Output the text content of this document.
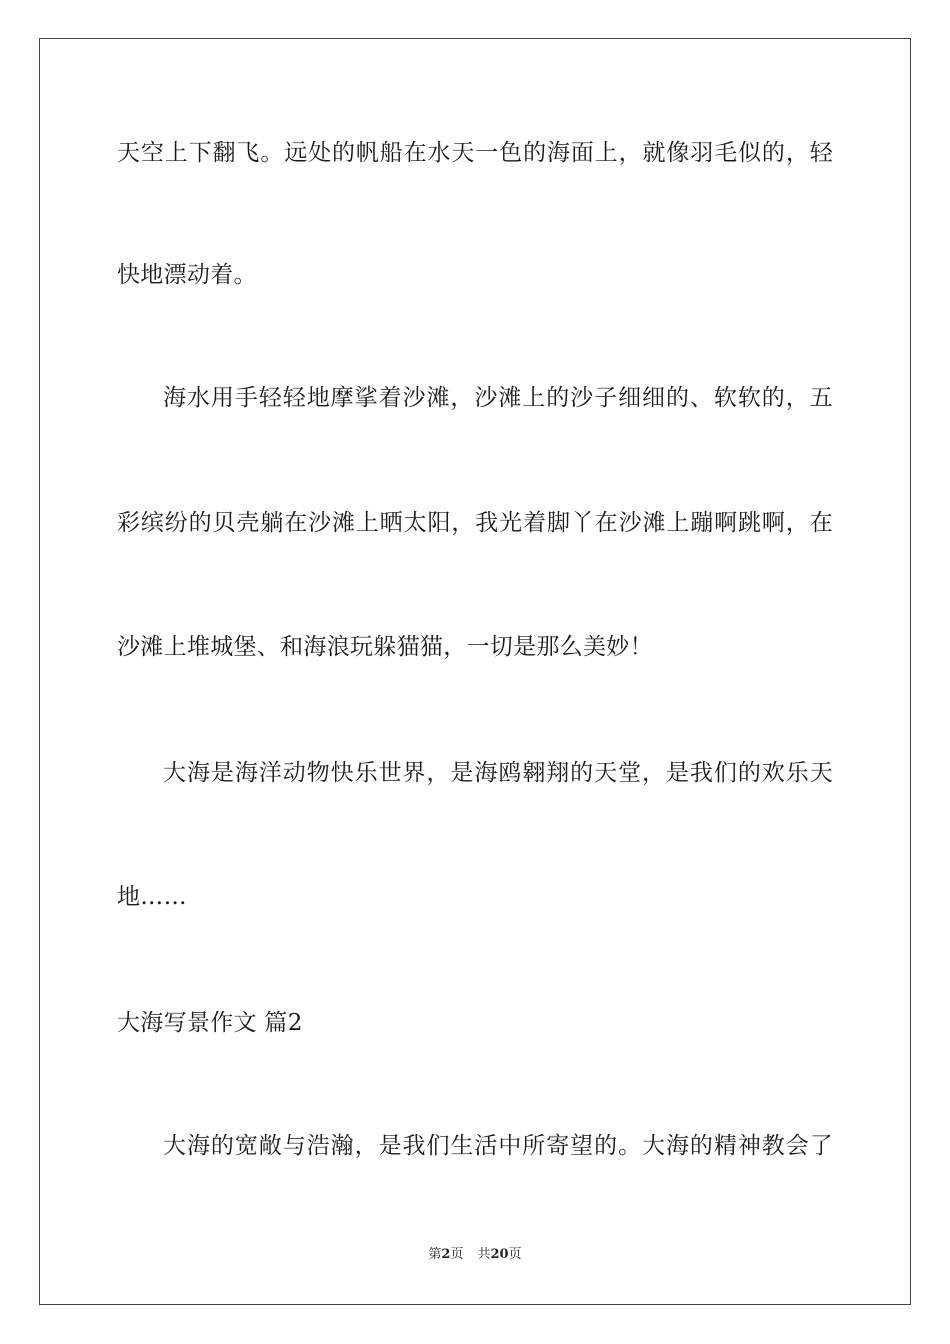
天空上下翻飞。远处的帆船在水天一色的海面上，就像羽毛似的，轻
快地漂动着。
海水用手轻轻地摩挲着沙滩，沙滩上的沙子细细的、软软的，五
彩缤纷的贝壳躺在沙滩上晒太阳，我光着脚丫在沙滩上蹦啊跳啊，在
沙滩上堆城堡、和海浪玩躲猫猫，一切是那么美妙！
大海是海洋动物快乐世界，是海鸥翱翔的天堂，是我们的欢乐天
地……
大海写景作文 篇2
大海的宽敞与浩瀚，是我们生活中所寄望的。大海的精神教会了
第2页 共20页
